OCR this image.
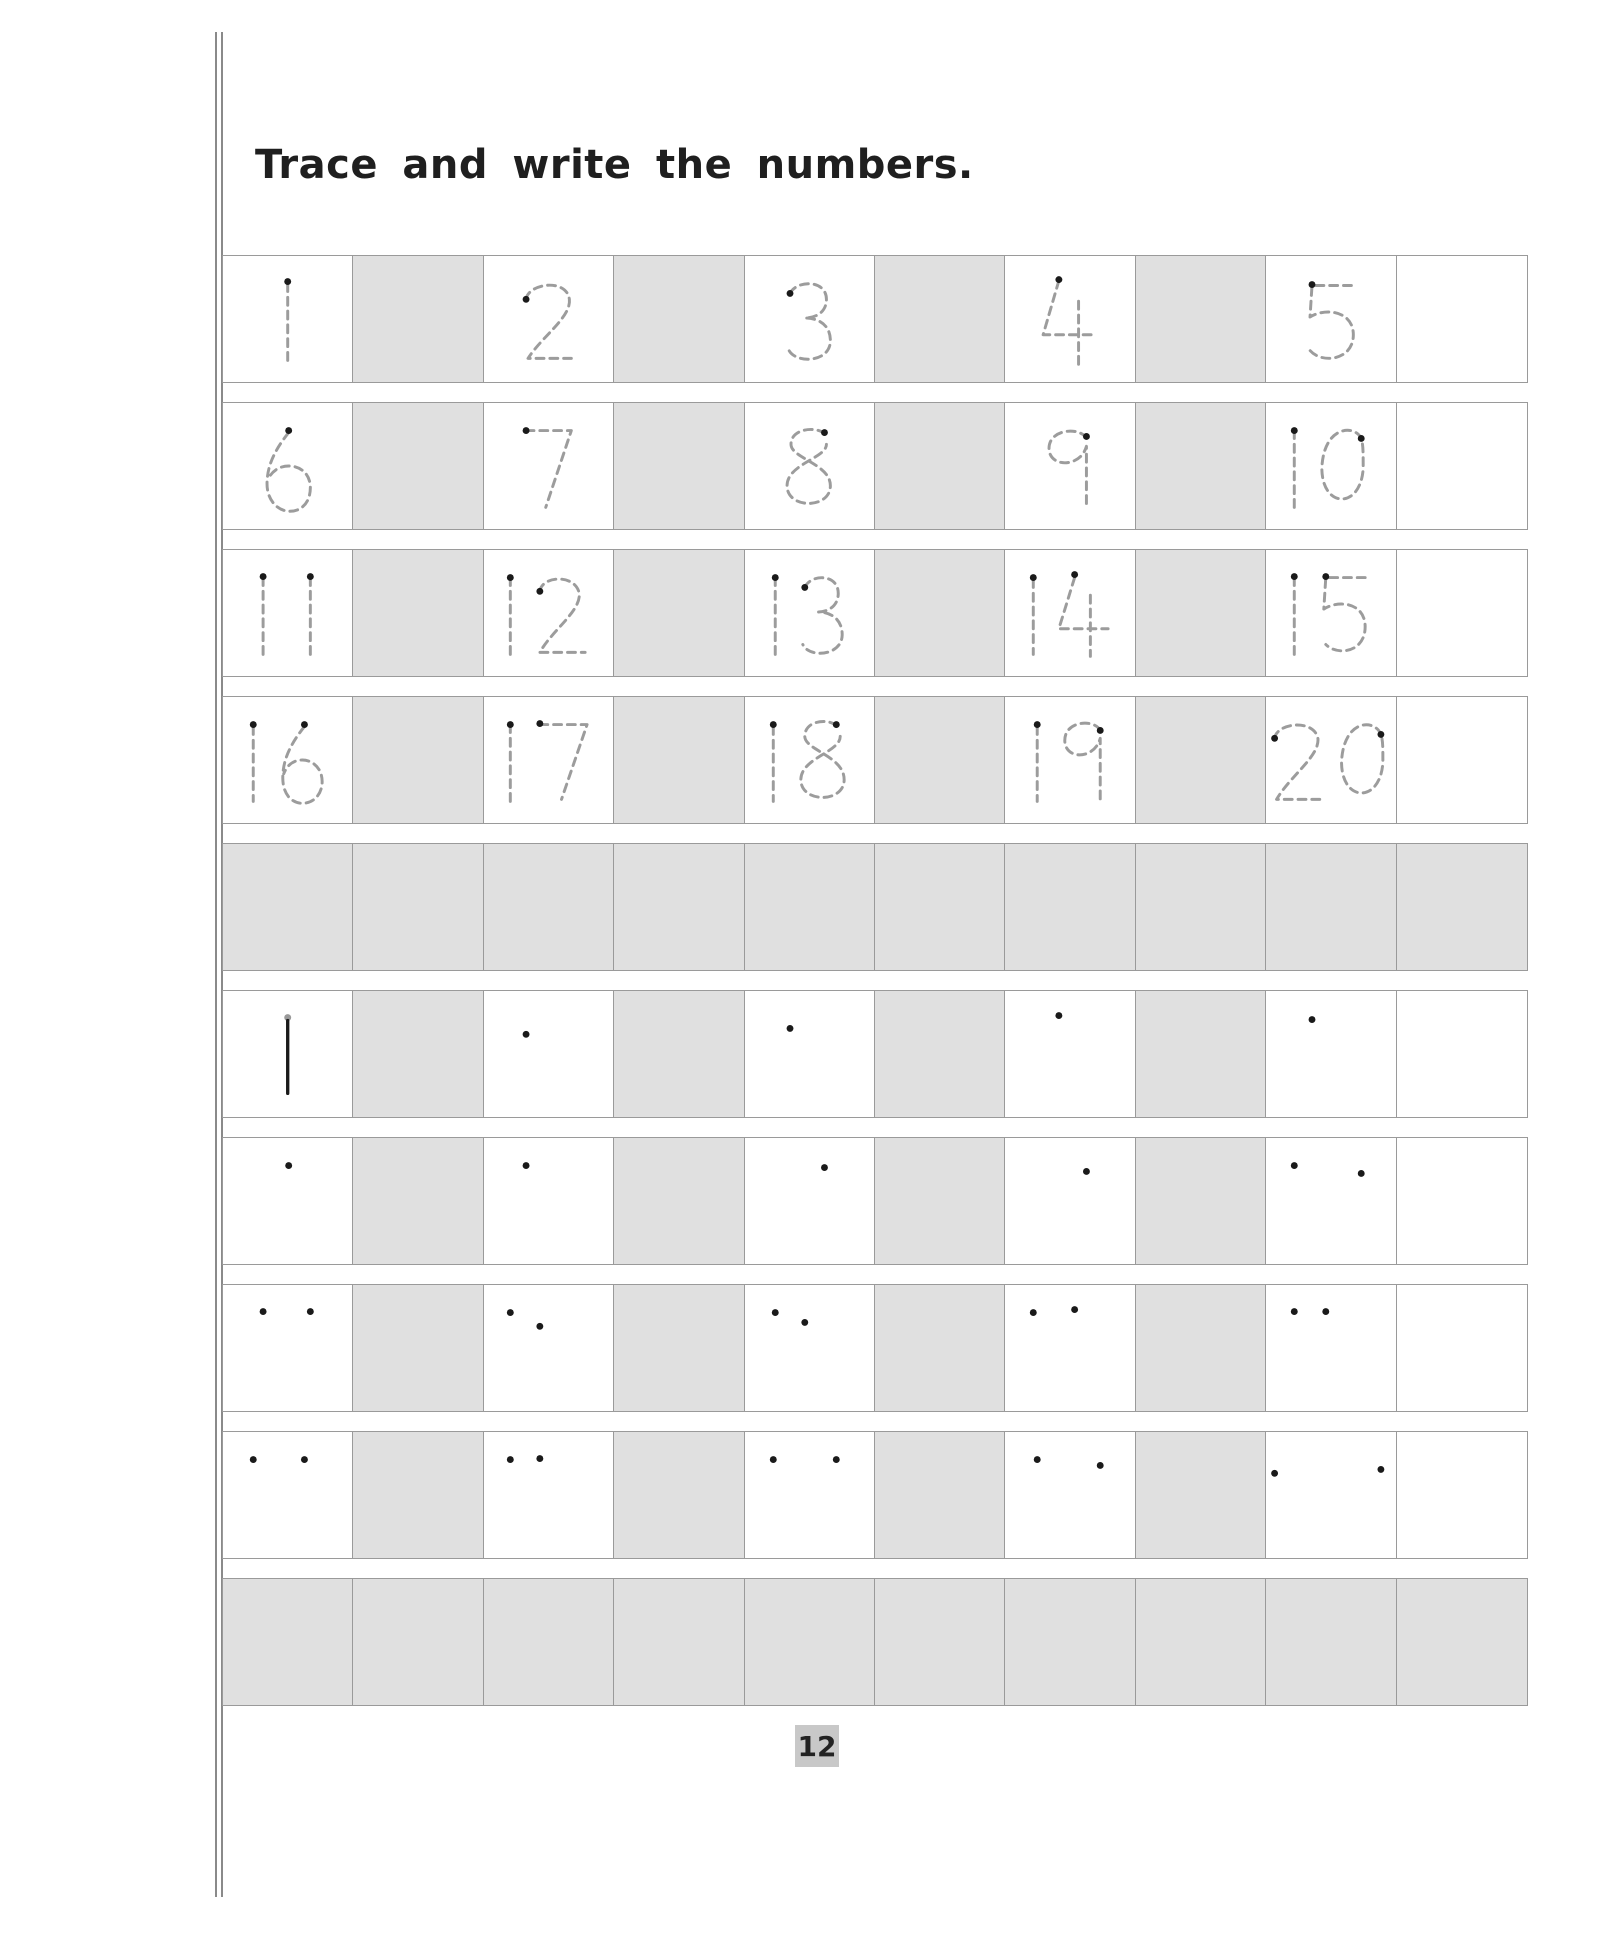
Trace and write the numbers.
12
